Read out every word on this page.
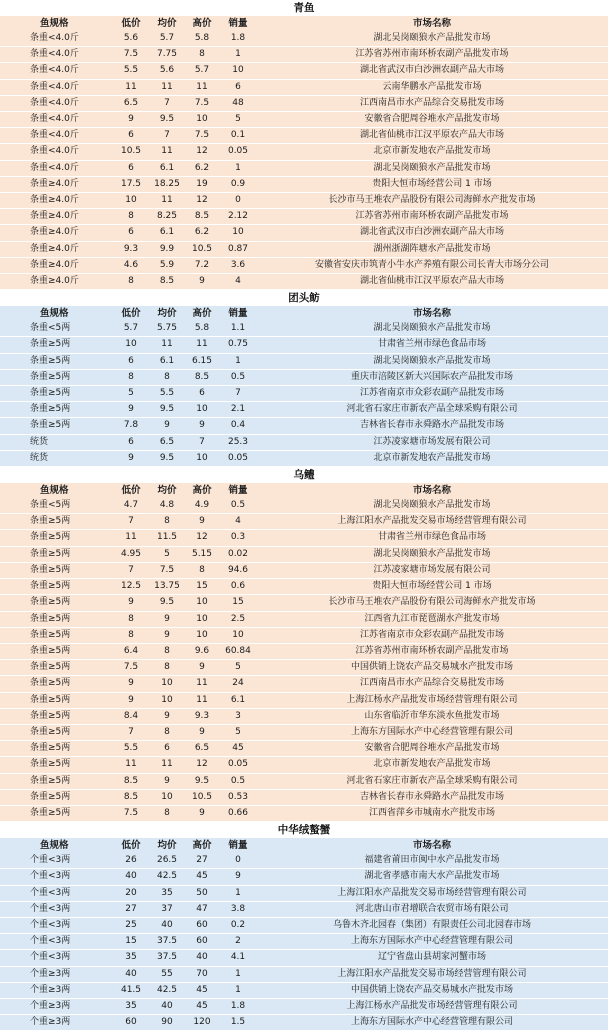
青鱼
鱼规格	低价	均价	高价	销量	市场名称
条重<4.0斤	5.6	5.7	5.8	1.8	湖北吴岗颐狼水产品批发市场
条重<4.0斤	7.5	7.75	8	1	江苏省苏州市南环桥农副产品批发市场
条重<4.0斤	5.5	5.6	5.7	10	湖北省武汉市白沙洲农副产品大市场
条重<4.0斤	11	11	11	6	云南华鹏水产品批发市场
条重<4.0斤	6.5	7	7.5	48	江西南昌市水产品综合交易批发市场
条重<4.0斤	9	9.5	10	5	安徽省合肥周谷堆水产品批发市场
条重<4.0斤	6	7	7.5	0.1	湖北省仙桃市江汉平原农产品大市场
条重<4.0斤	10.5	11	12	0.05	北京市新发地农产品批发市场
条重<4.0斤	6	6.1	6.2	1	湖北吴岗颐狼水产品批发市场
条重≥4.0斤	17.5	18.25	19	0.9	贵阳大恒市场经营公司 1 市场
条重≥4.0斤	10	11	12	0	长沙市马王堆农产品股份有限公司海鲜水产批发市场
条重≥4.0斤	8	8.25	8.5	2.12	江苏省苏州市南环桥农副产品批发市场
条重≥4.0斤	6	6.1	6.2	10	湖北省武汉市白沙洲农副产品大市场
条重≥4.0斤	9.3	9.9	10.5	0.87	湖州浙湖阵塘水产品批发市场
条重≥4.0斤	4.6	5.9	7.2	3.6	安徽省安庆市筑青小牛水产养殖有限公司长青大市场分公司
条重≥4.0斤	8	8.5	9	4	湖北省仙桃市江汉平原农产品大市场
团头鲂
鱼规格	低价	均价	高价	销量	市场名称
条重<5两	5.7	5.75	5.8	1.1	湖北吴岗颐狼水产品批发市场
条重≥5两	10	11	11	0.75	甘肃省兰州市绿色食品市场
条重≥5两	6	6.1	6.15	1	湖北吴岗颐狼水产品批发市场
条重≥5两	8	8	8.5	0.5	重庆市涪陵区新大兴国际农产品批发市场
条重≥5两	5	5.5	6	7	江苏省南京市众彩农副产品批发市场
条重≥5两	9	9.5	10	2.1	河北省石家庄市新农产品全球采购有限公司
条重≥5两	7.8	9	9	0.4	吉林省长春市永舜路水产品批发市场
统货	6	6.5	7	25.3	江苏凌家塘市场发展有限公司
统货	9	9.5	10	0.05	北京市新发地农产品批发市场
乌鳢
鱼规格	低价	均价	高价	销量	市场名称
条重<5两	4.7	4.8	4.9	0.5	湖北吴岗颐狼水产品批发市场
条重≥5两	7	8	9	4	上海江阳水产品批发交易市场经营管理有限公司
条重≥5两	11	11.5	12	0.3	甘肃省兰州市绿色食品市场
条重≥5两	4.95	5	5.15	0.02	湖北吴岗颐狼水产品批发市场
条重≥5两	7	7.5	8	94.6	江苏凌家塘市场发展有限公司
条重≥5两	12.5	13.75	15	0.6	贵阳大恒市场经营公司 1 市场
条重≥5两	9	9.5	10	15	长沙市马王堆农产品股份有限公司海鲜水产批发市场
条重≥5两	8	9	10	2.5	江西省九江市琵琶湖水产批发市场
条重≥5两	8	9	10	10	江苏省南京市众彩农副产品批发市场
条重≥5两	6.4	8	9.6	60.84	江苏省苏州市南环桥农副产品批发市场
条重≥5两	7.5	8	9	5	中国供销上饶农产品交易城水产批发市场
条重≥5两	9	10	11	24	江西南昌市水产品综合交易批发市场
条重≥5两	9	10	11	6.1	上海江杨水产品批发市场经营管理有限公司
条重≥5两	8.4	9	9.3	3	山东省临沂市华东淡水鱼批发市场
条重≥5两	7	8	9	5	上海东方国际水产中心经营管理有限公司
条重≥5两	5.5	6	6.5	45	安徽省合肥周谷堆水产品批发市场
条重≥5两	11	11	12	0.05	北京市新发地农产品批发市场
条重≥5两	8.5	9	9.5	0.5	河北省石家庄市新农产品全球采购有限公司
条重≥5两	8.5	10	10.5	0.53	吉林省长春市永舜路水产品批发市场
条重≥5两	7.5	8	9	0.66	江西省萍乡市城南水产批发市场
中华绒螯蟹
鱼规格	低价	均价	高价	销量	市场名称
个重<3两	26	26.5	27	0	福建省莆田市闽中水产品批发市场
个重<3两	40	42.5	45	9	湖北省孝感市南大水产品批发市场
个重<3两	20	35	50	1	上海江阳水产品批发交易市场经营管理有限公司
个重<3两	27	37	47	3.8	河北唐山市君增联合农贸市场有限公司
个重<3两	25	40	60	0.2	乌鲁木齐北园春（集团）有限责任公司北园春市场
个重<3两	15	37.5	60	2	上海东方国际水产中心经营管理有限公司
个重<3两	35	37.5	40	4.1	辽宁省盘山县胡家河蟹市场
个重≥3两	40	55	70	1	上海江阳水产品批发交易市场经营管理有限公司
个重≥3两	41.5	42.5	45	1	中国供销上饶农产品交易城水产批发市场
个重≥3两	35	40	45	1.8	上海江杨水产品批发市场经营管理有限公司
个重≥3两	60	90	120	1.5	上海东方国际水产中心经营管理有限公司
